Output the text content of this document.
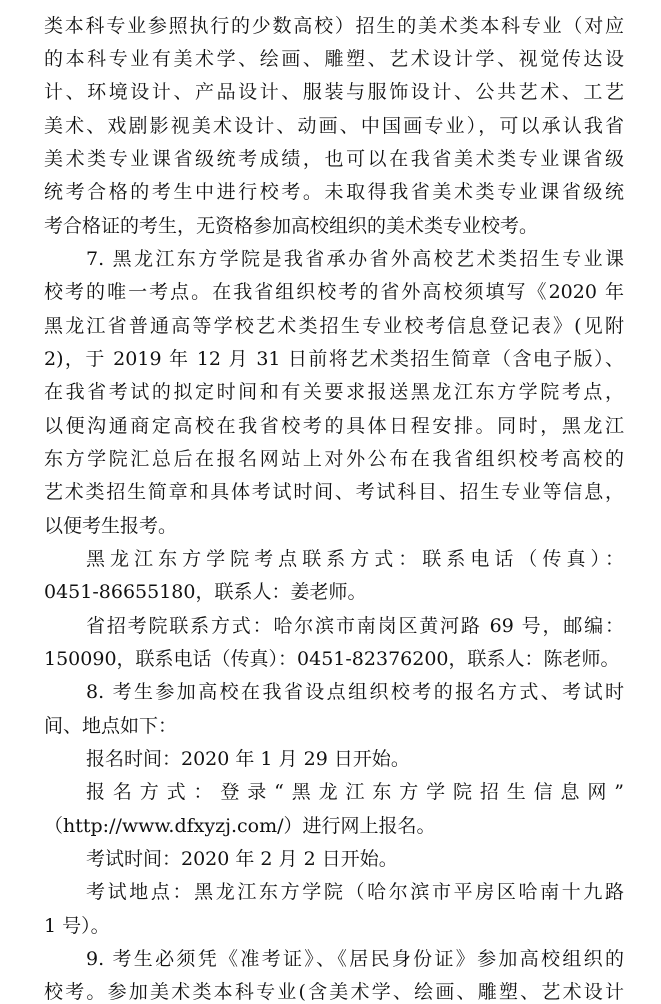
类本科专业参照执行的少数高校）招生的美术类本科专业（对应
的本科专业有美术学、绘画、雕塑、艺术设计学、视觉传达设
计、环境设计、产品设计、服装与服饰设计、公共艺术、工艺
美术、戏剧影视美术设计、动画、中国画专业），可以承认我省
美术类专业课省级统考成绩，也可以在我省美术类专业课省级
统考合格的考生中进行校考。未取得我省美术类专业课省级统
考合格证的考生，无资格参加高校组织的美术类专业校考。
7. 黑龙江东方学院是我省承办省外高校艺术类招生专业课
校考的唯一考点。在我省组织校考的省外高校须填写《2020 年
黑龙江省普通高等学校艺术类招生专业校考信息登记表》(见附
2)，于 2019 年 12 月 31 日前将艺术类招生简章（含电子版）、
在我省考试的拟定时间和有关要求报送黑龙江东方学院考点，
以便沟通商定高校在我省校考的具体日程安排。同时，黑龙江
东方学院汇总后在报名网站上对外公布在我省组织校考高校的
艺术类招生简章和具体考试时间、考试科目、招生专业等信息，
以便考生报考。
黑龙江东方学院考点联系方式：联系电话（传真）：
0451-86655180，联系人：姜老师。
省招考院联系方式：哈尔滨市南岗区黄河路 69 号，邮编：
150090，联系电话（传真）：0451-82376200，联系人：陈老师。
8. 考生参加高校在我省设点组织校考的报名方式、考试时
间、地点如下：
报名时间：2020 年 1 月 29 日开始。
报名方式：登录“黑龙江东方学院招生信息网”
（http://www.dfxyzj.com/）进行网上报名。
考试时间：2020 年 2 月 2 日开始。
考试地点：黑龙江东方学院（哈尔滨市平房区哈南十九路
1 号）。
9. 考生必须凭《准考证》、《居民身份证》参加高校组织的
校考。参加美术类本科专业(含美术学、绘画、雕塑、艺术设计
